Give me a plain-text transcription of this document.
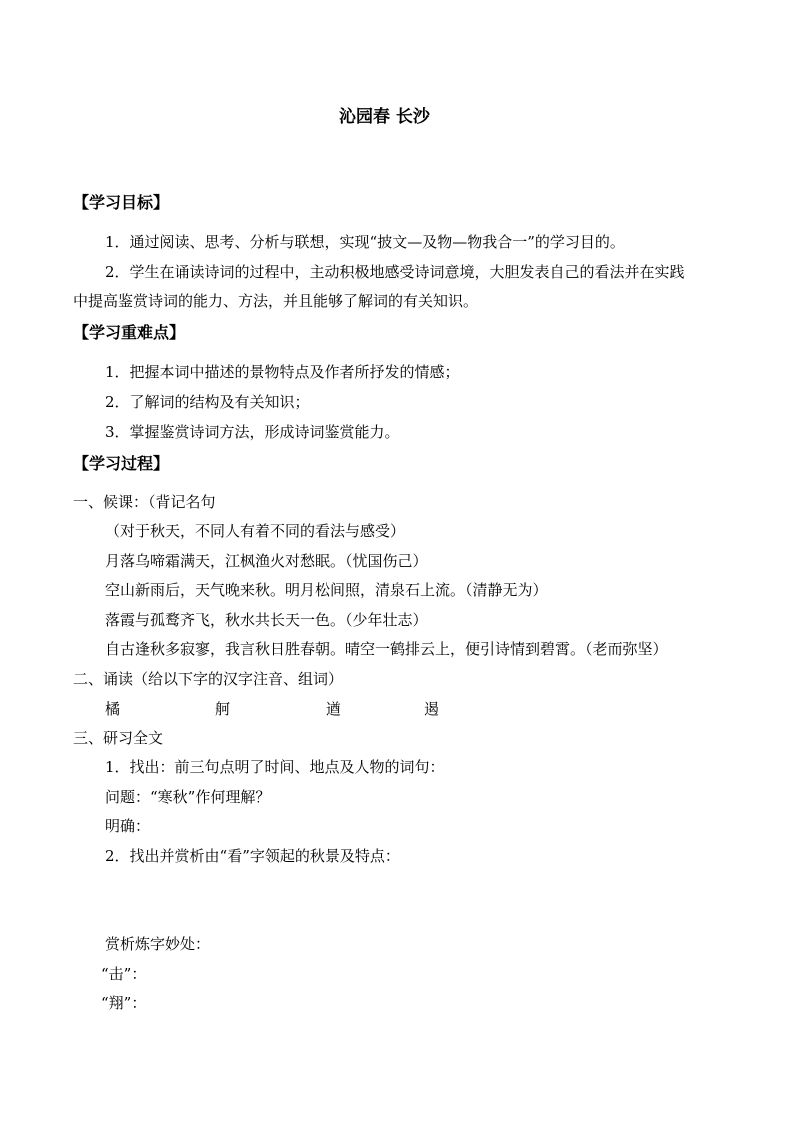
沁园春 长沙
【学习目标】
1．通过阅读、思考、分析与联想，实现“披文—及物—物我合一”的学习目的。
2．学生在诵读诗词的过程中，主动积极地感受诗词意境，大胆发表自己的看法并在实践
中提高鉴赏诗词的能力、方法，并且能够了解词的有关知识。
【学习重难点】
1．把握本词中描述的景物特点及作者所抒发的情感；
2．了解词的结构及有关知识；
3．掌握鉴赏诗词方法，形成诗词鉴赏能力。
【学习过程】
一、候课：（背记名句
（对于秋天，不同人有着不同的看法与感受）
月落乌啼霜满天，江枫渔火对愁眠。（忧国伤己）
空山新雨后，天气晚来秋。明月松间照，清泉石上流。（清静无为）
落霞与孤鹜齐飞，秋水共长天一色。（少年壮志）
自古逢秋多寂寥，我言秋日胜春朝。晴空一鹤排云上，便引诗情到碧霄。（老而弥坚）
二、诵读（给以下字的汉字注音、组词）
橘	舸	遒	遏
三、研习全文
1．找出：前三句点明了时间、地点及人物的词句：
问题：“寒秋”作何理解？
明确：
2．找出并赏析由“看”字领起的秋景及特点：
赏析炼字妙处：
“击”：
“翔”：
